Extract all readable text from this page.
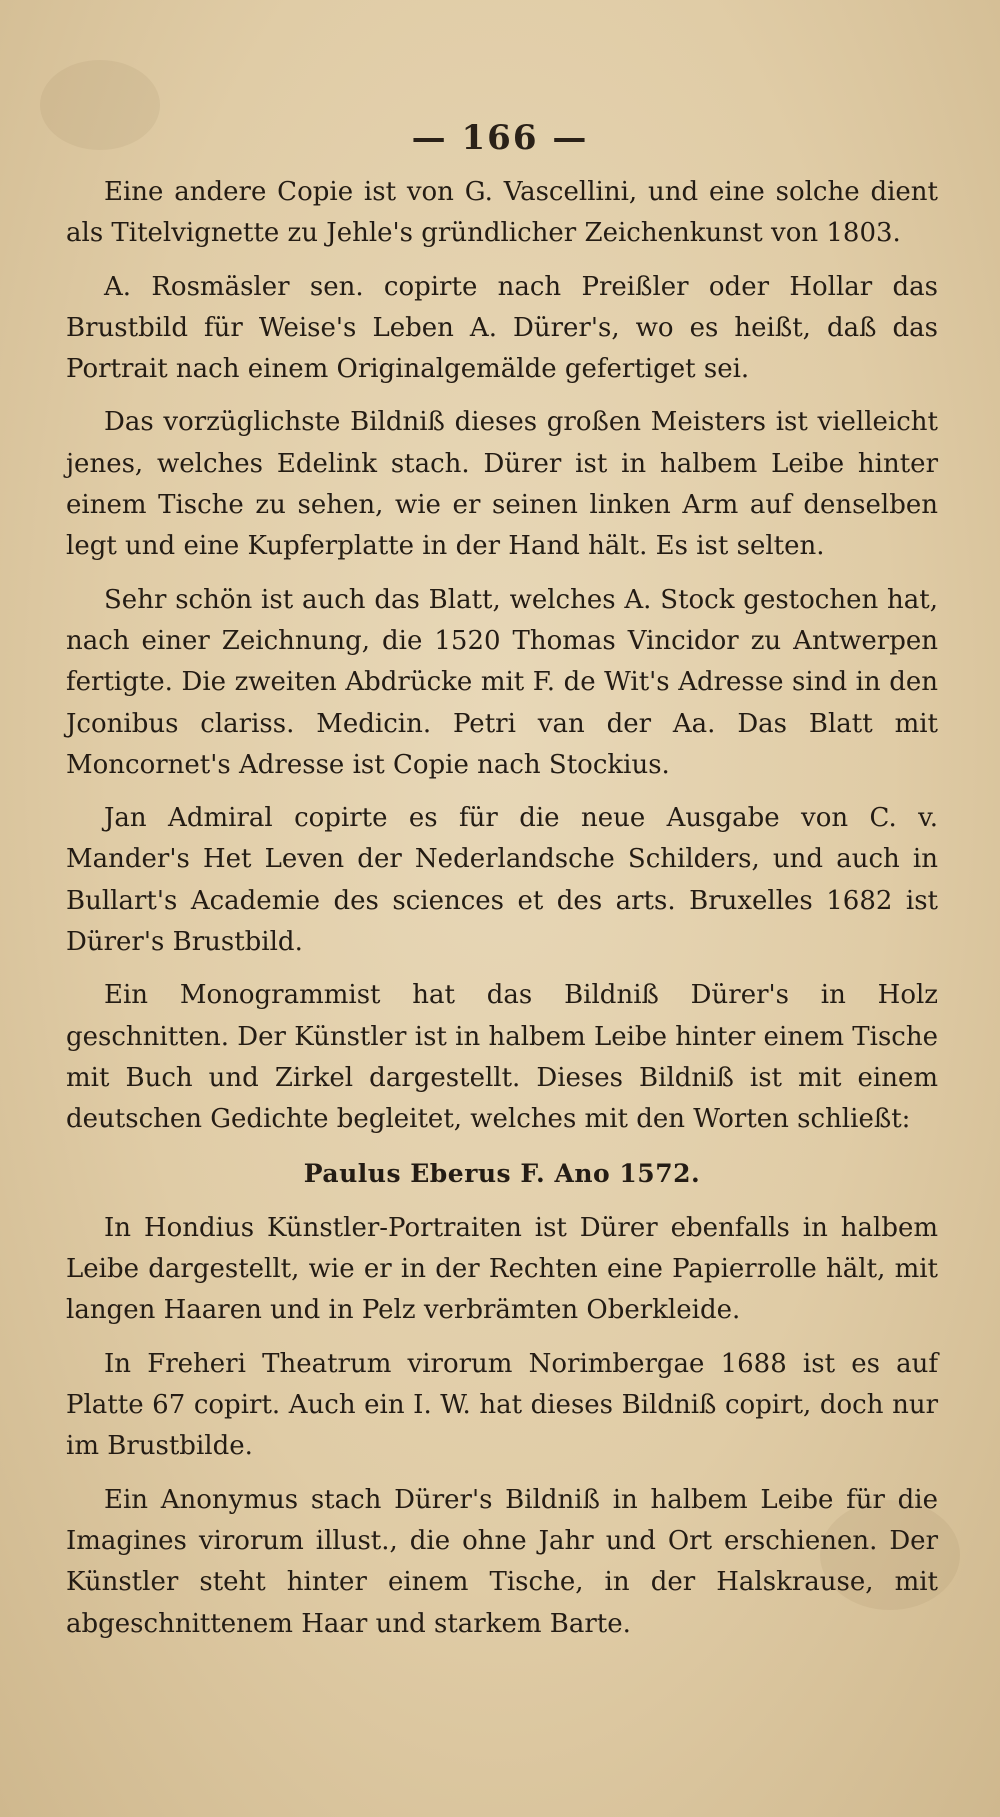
— 166 —

Eine andere Copie ist von G. Vascellini, und eine solche dient als Titelvignette zu Jehle's gründlicher Zeichenkunst von 1803.

A. Rosmäsler sen. copirte nach Preißler oder Hollar das Brustbild für Weise's Leben A. Dürer's, wo es heißt, daß das Portrait nach einem Originalgemälde gefertiget sei.

Das vorzüglichste Bildniß dieses großen Meisters ist vielleicht jenes, welches Edelink stach. Dürer ist in halbem Leibe hinter einem Tische zu sehen, wie er seinen linken Arm auf denselben legt und eine Kupferplatte in der Hand hält. Es ist selten.

Sehr schön ist auch das Blatt, welches A. Stock gestochen hat, nach einer Zeichnung, die 1520 Thomas Vincidor zu Antwerpen fertigte. Die zweiten Abdrücke mit F. de Wit's Adresse sind in den Jconibus clariss. Medicin. Petri van der Aa. Das Blatt mit Moncornet's Adresse ist Copie nach Stockius.

Jan Admiral copirte es für die neue Ausgabe von C. v. Mander's Het Leven der Nederlandsche Schilders, und auch in Bullart's Academie des sciences et des arts. Bruxelles 1682 ist Dürer's Brustbild.

Ein Monogrammist hat das Bildniß Dürer's in Holz geschnitten. Der Künstler ist in halbem Leibe hinter einem Tische mit Buch und Zirkel dargestellt. Dieses Bildniß ist mit einem deutschen Gedichte begleitet, welches mit den Worten schließt:

Paulus Eberus F. Ano 1572.

In Hondius Künstler-Portraiten ist Dürer ebenfalls in halbem Leibe dargestellt, wie er in der Rechten eine Papierrolle hält, mit langen Haaren und in Pelz verbrämten Oberkleide.

In Freheri Theatrum virorum Norimbergae 1688 ist es auf Platte 67 copirt. Auch ein I. W. hat dieses Bildniß copirt, doch nur im Brustbilde.

Ein Anonymus stach Dürer's Bildniß in halbem Leibe für die Imagines virorum illust., die ohne Jahr und Ort erschienen. Der Künstler steht hinter einem Tische, in der Halskrause, mit abgeschnittenem Haar und starkem Barte.
